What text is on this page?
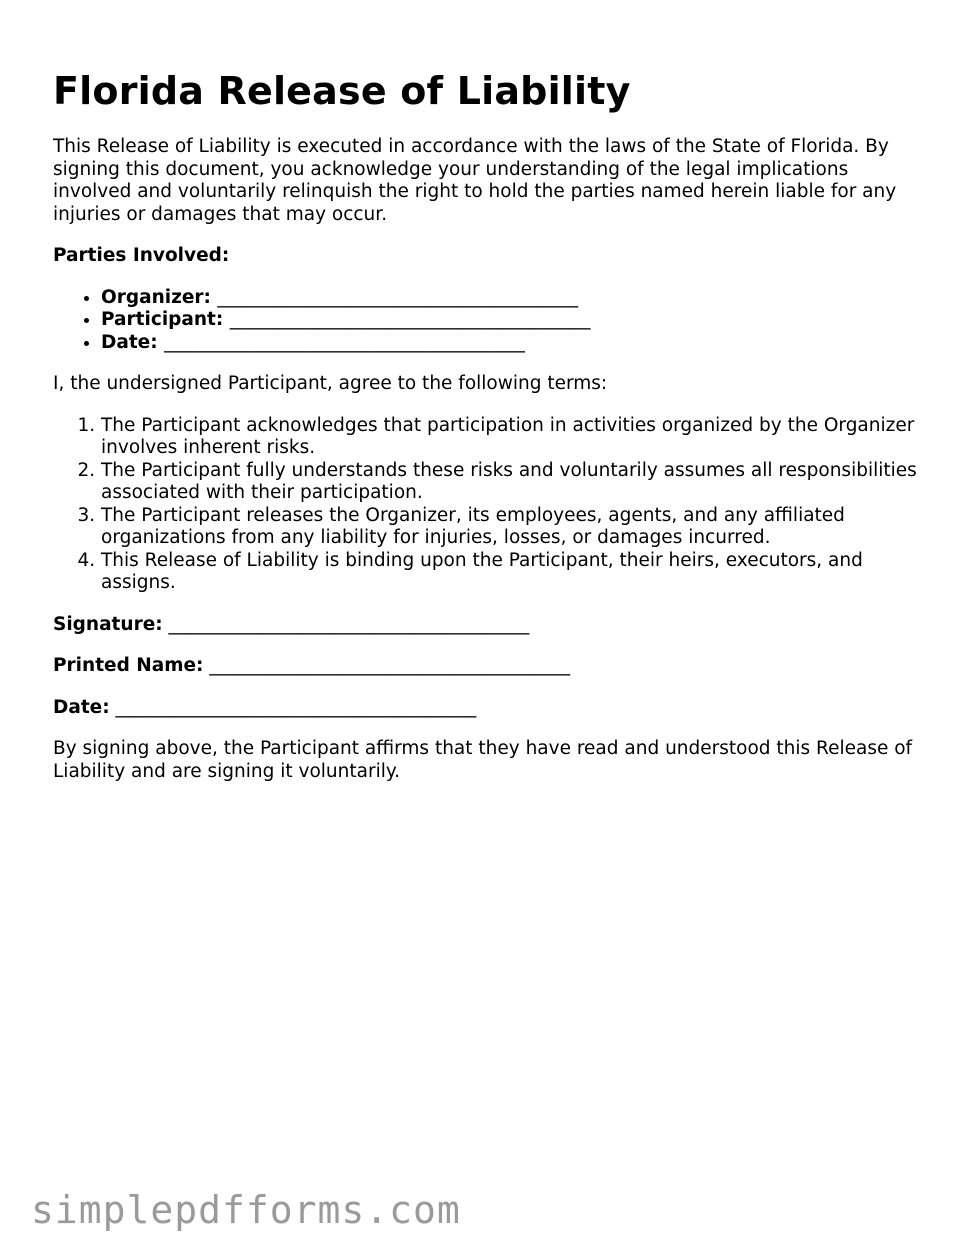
Florida Release of Liability

This Release of Liability is executed in accordance with the laws of the State of Florida. By signing this document, you acknowledge your understanding of the legal implications involved and voluntarily relinquish the right to hold the parties named herein liable for any injuries or damages that may occur.

Parties Involved:

• Organizer: _______________________________________
• Participant: _______________________________________
• Date: _______________________________________

I, the undersigned Participant, agree to the following terms:

1. The Participant acknowledges that participation in activities organized by the Organizer involves inherent risks.
2. The Participant fully understands these risks and voluntarily assumes all responsibilities associated with their participation.
3. The Participant releases the Organizer, its employees, agents, and any affiliated organizations from any liability for injuries, losses, or damages incurred.
4. This Release of Liability is binding upon the Participant, their heirs, executors, and assigns.
Signature: _______________________________________
Printed Name: _______________________________________
Date: _______________________________________

By signing above, the Participant affirms that they have read and understood this Release of Liability and are signing it voluntarily.

simplepdfforms.com
